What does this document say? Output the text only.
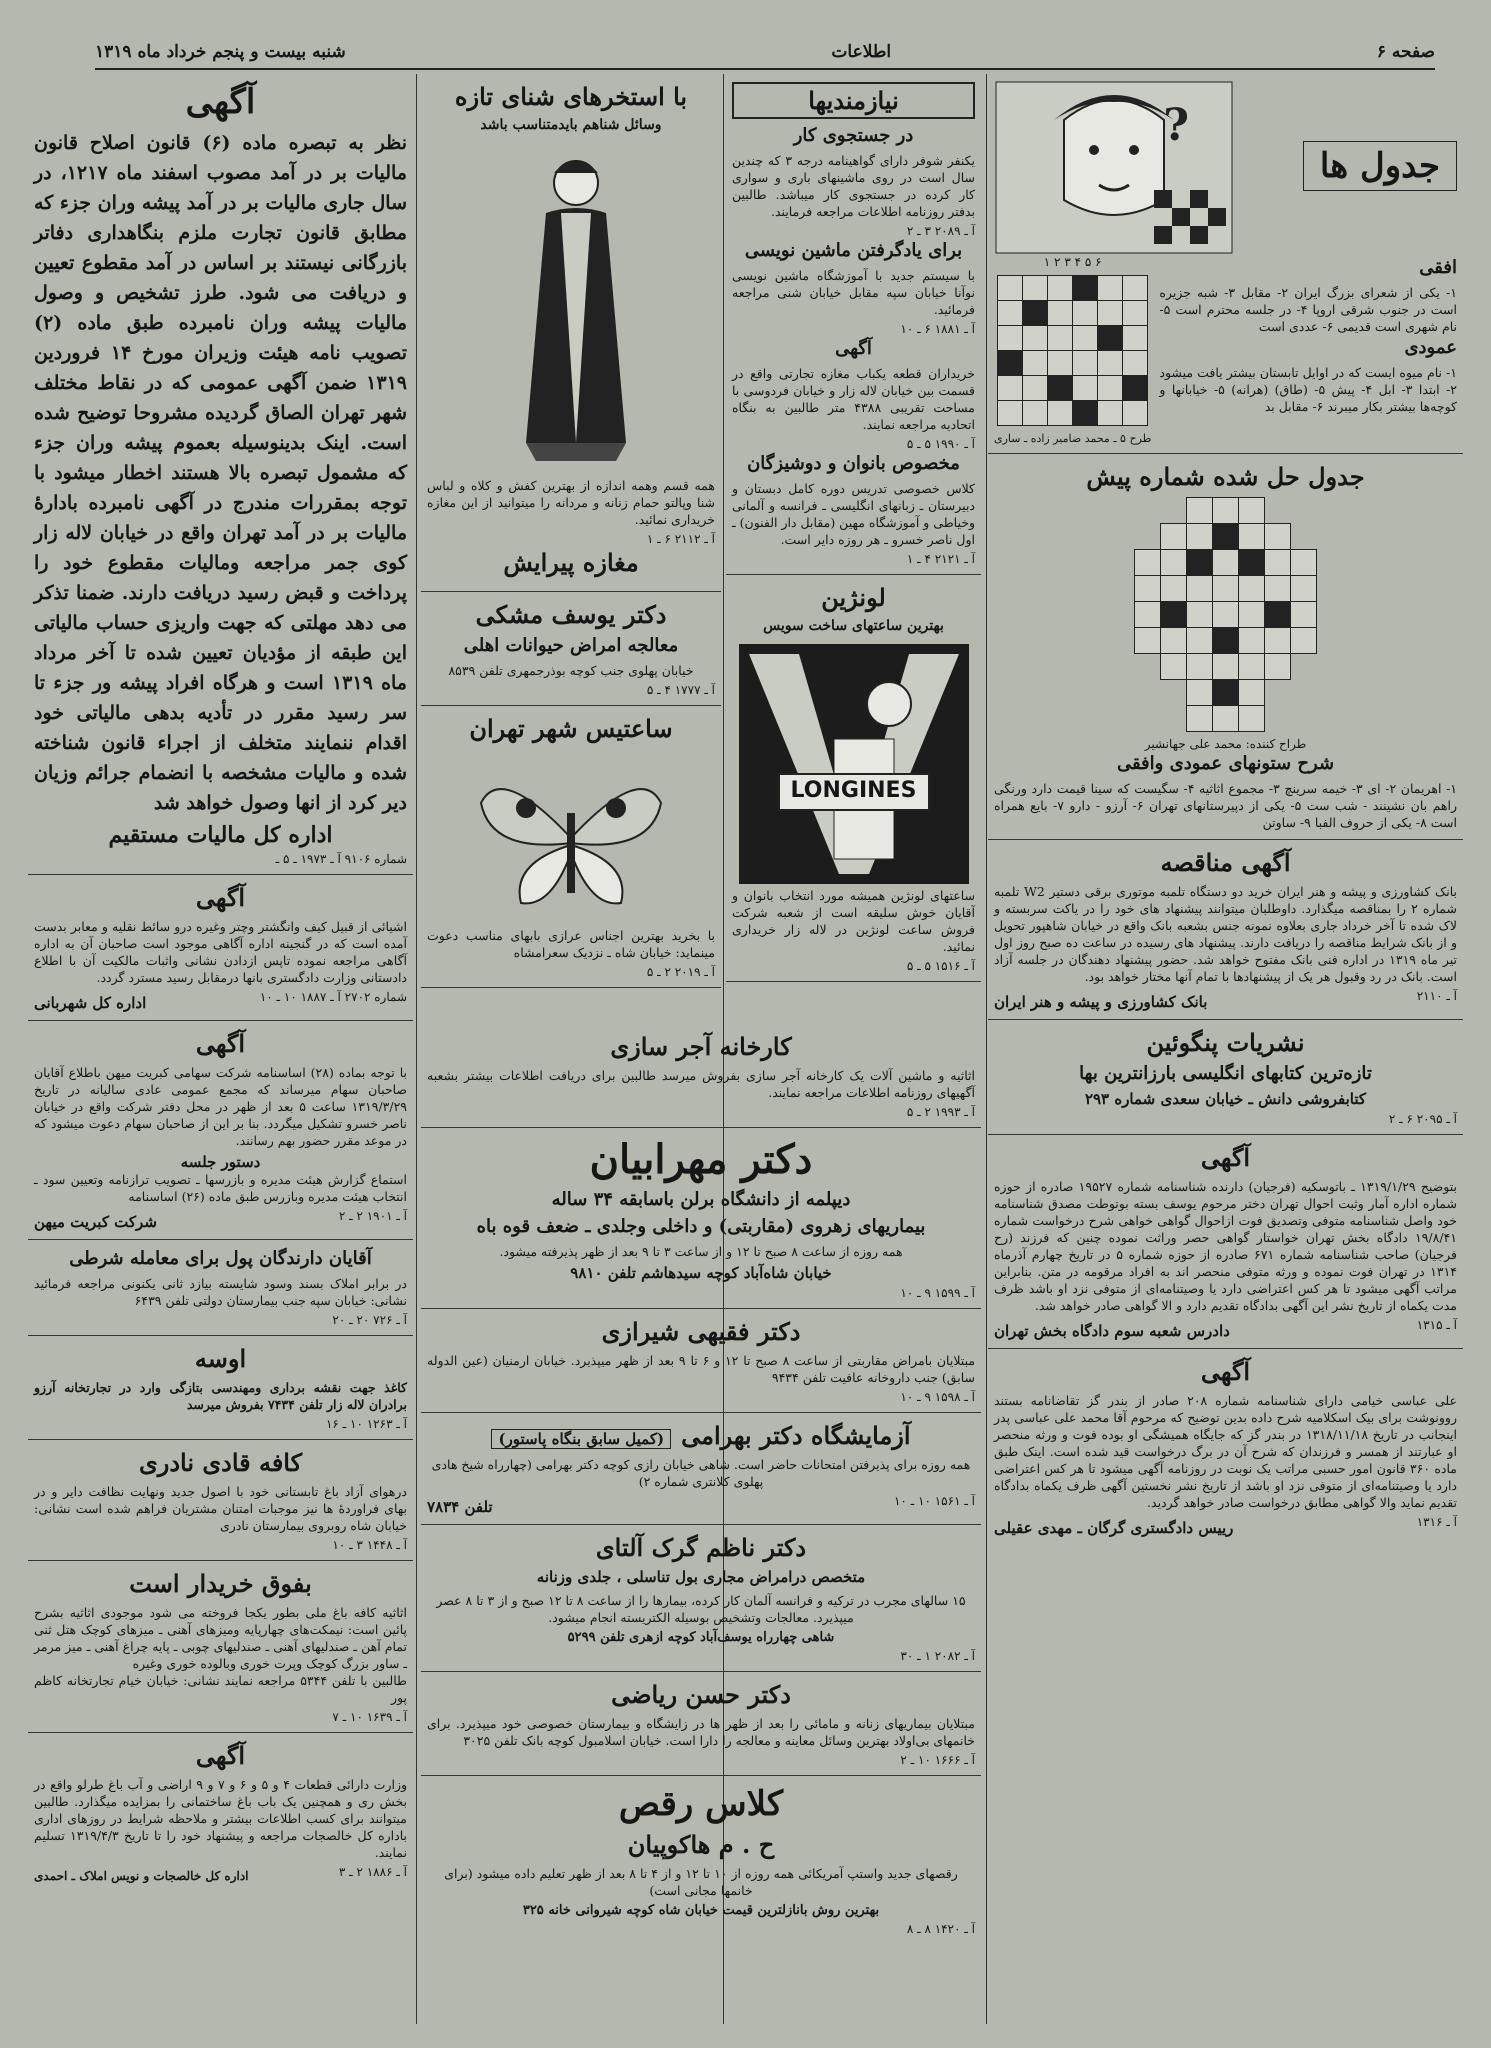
صفحه ۶
اطلاعات
شنبه بیست و پنجم خرداد ماه ۱۳۱۹
جدول ها
?
افقی
۱- یکی از شعرای بزرگ ایران ۲- مقابل ۳- شبه جزیره است در جنوب شرقی اروپا ۴- در جلسه محترم است ۵- نام شهری است قدیمی ۶- عددی است
عمودی
۱- نام میوه ایست که در اوایل تابستان بیشتر یافت میشود ۲- ابتدا ۳- ابل ۴- پیش ۵- (طاق) (هرانه) ۵- خیابانها و کوچه‌ها بیشتر بکار میبرند ۶- مقابل بد
۶ ۵ ۴ ۳ ۲ ۱

طرح ۵ ـ محمد ضامیر زاده ـ ساری
جدول حل شده شماره پیش
طراح کننده: محمد علی جهانشیر
شرح ستونهای عمودی وافقی
۱- اهریمان ۲- ای ۳- خیمه سرینچ ۳- مجموع اثاثیه ۴- سگیست که سینا قیمت دارد ورنگی راهم بان نشینند - شب ست ۵- یکی از دپیرستانهای تهران ۶- آرزو - دارو ۷- بایع همراه است ۸- یکی از حروف الفبا ۹- ساوتن
آگهی مناقصه
بانک کشاورزی و پیشه و هنر ایران خرید دو دستگاه تلمبه موتوری برقی دستیر W2 تلمبه شماره ۲ را بمناقصه میگذارد. داوطلبان میتوانند پیشنهاد های خود را در یاکت سربسته و لاک شده تا آخر خرداد جاری بعلاوه نمونه جنس بشعبه بانک واقع در خیابان شاهپور تحویل و از بانک شرایط مناقصه را دریافت دارند. پیشنهاد های رسیده در ساعت ده صبح روز اول تیر ماه ۱۳۱۹ در اداره فنی بانک مفتوح خواهد شد. حضور پیشنهاد دهندگان در جلسه آزاد است. بانک در رد وقبول هر یک از پیشنهادها با تمام آنها مختار خواهد بود.
آ ـ ۲۱۱۰
بانک کشاورزی و پیشه و هنر ایران
نشریات پنگوئین
تازه‌ترین کتابهای انگلیسی بارزانترین بها
کتابفروشی دانش ـ خیابان سعدی شماره ۲۹۳
آ ـ ۲۰۹۵ ۶ ـ ۲
آگهی
بتوضیح ۱۳۱۹/۱/۲۹ ـ باتوسکیه (فرجیان) دارنده شناسنامه شماره ۱۹۵۲۷ صادره از حوزه شماره اداره آمار وثبت احوال تهران دختر مرحوم یوسف بسته بوتوطت مصدق شناسنامه خود واصل شناسنامه متوفی وتصدیق فوت ازاحوال گواهی خواهی شرح درخواست شماره ۱۹/۸/۴۱ دادگاه بخش تهران خواستار گواهی حصر وراثت نموده چنین که فرزند (رح فرجیان) صاحب شناسنامه شماره ۶۷۱ صادره از حوزه شماره ۵ در تاریخ چهارم آذرماه ۱۳۱۴ در تهران فوت نموده و ورثه متوفی منحصر اند به افراد مرقومه در متن. بنابراین مراتب آگهی میشود تا هر کس اعتراضی دارد یا وصیتنامه‌ای از متوفی نزد او باشد ظرف مدت یکماه از تاریخ نشر این آگهی بدادگاه تقدیم دارد و الا گواهی صادر خواهد شد.
آ ـ ۱۳۱۵
دادرس شعبه سوم دادگاه بخش تهران
آگهی
علی عباسی خیامی دارای شناسنامه شماره ۲۰۸ صادر از بندر گز تقاضانامه بستند روونوشت برای بیک اسکلامیه شرح داده بدین توضیح که مرحوم آقا محمد علی عباسی پدر اینجانب در تاریخ ۱۳۱۸/۱۱/۱۸ در بندر گز که جایگاه همیشگی او بوده فوت و ورثه منحصر او عبارتند از همسر و فرزندان که شرح آن در برگ درخواست قید شده است. اینک طبق ماده ۳۶۰ قانون امور حسبی مراتب یک نوبت در روزنامه آگهی میشود تا هر کس اعتراضی دارد یا وصیتنامه‌ای از متوفی نزد او باشد از تاریخ نشر نخستین آگهی ظرف یکماه بدادگاه تقدیم نماید والا گواهی مطابق درخواست صادر خواهد گردید.
آ ـ ۱۳۱۶
رییس دادگستری گرگان ـ مهدی عقیلی
نیازمندیها
در جستجوی کار
یکنفر شوفر دارای گواهینامه درجه ۳ که چندین سال است در روی ماشینهای باری و سواری کار کرده در جستجوی کار میباشد. طالبین بدفتر روزنامه اطلاعات مراجعه فرمایند.
آ ـ ۲۰۸۹ ۳ ـ ۲
برای یادگرفتن ماشین نویسی
با سیستم جدید با آموزشگاه ماشین نویسی نوآنا خیابان سپه مقابل خیابان شنی مراجعه فرمائید.
آ ـ ۱۸۸۱ ۶ ـ ۱۰
آگهی
خریداران قطعه یکباب مغازه تجارتی واقع در قسمت بین خیابان لاله زار و خیابان فردوسی با مساحت تقریبی ۴۳۸۸ متر طالبین به بنگاه اتحادیه مراجعه نمایند.
آ ـ ۱۹۹۰ ۵ ـ ۵
مخصوص بانوان و دوشیزگان
کلاس خصوصی تدریس دوره کامل دبستان و دبیرستان ـ زبانهای انگلیسی ـ فرانسه و آلمانی وخیاطی و آموزشگاه مهین (مقابل دار الفنون) ـ اول ناصر خسرو ـ هر روزه دایر است.
آ ـ ۲۱۲۱ ۴ ـ ۱
لونژین
بهترین ساعتهای ساخت سویس
LONGINES
ساعتهای لونژین همیشه مورد انتخاب بانوان و آقایان خوش سلیقه است از شعبه شرکت فروش ساعت لونژین در لاله زار خریداری نمائید.
آ ـ ۱۵۱۶ ۵ ـ ۵
با استخرهای شنای تازه
وسائل شناهم بایدمتناسب باشد
همه قسم وهمه اندازه از بهترین کفش و کلاه و لباس شنا وپالتو حمام زنانه و مردانه را میتوانید از این مغازه خریداری نمائید.
آ ـ ۲۱۱۲ ۶ ـ ۱
مغازه پیرایش
دکتر یوسف مشکی
معالجه امراض حیوانات اهلی
خیابان پهلوی جنب کوچه بوذرجمهری تلفن ۸۵۳۹
آ ـ ۱۷۷۷ ۴ ـ ۵
ساعتیس شهر تهران
با بخرید بهترین اجناس عرازی بابهای مناسب دعوت مینماید: خیابان شاه ـ نزدیک سعرامشاه
آ ـ ۲۰۱۹ ۲ ـ ۵
کارخانه آجر سازی
اثاثیه و ماشین آلات یک کارخانه آجر سازی بفروش میرسد طالبین برای دریافت اطلاعات بیشتر بشعبه آگهیهای روزنامه اطلاعات مراجعه نمایند.
آ ـ ۱۹۹۳ ۲ ـ ۵
دکتر مهرابیان
دیپلمه از دانشگاه برلن باسابقه ۳۴ ساله
بیماریهای زهروی (مقاربتی) و داخلی وجلدی ـ ضعف قوه باه
همه روزه از ساعت ۸ صبح تا ۱۲ و از ساعت ۳ تا ۹ بعد از ظهر پذیرفته میشود.
خیابان شاه‌آباد کوچه سیدهاشم تلفن ۹۸۱۰
آ ـ ۱۵۹۹ ۹ ـ ۱۰
دکتر فقیهی شیرازی
مبتلایان بامراض مقاربتی از ساعت ۸ صبح تا ۱۲ و ۶ تا ۹ بعد از ظهر میپذیرد. خیابان ارمنیان (عین الدوله سابق) جنب داروخانه عافیت تلفن ۹۴۳۴
آ ـ ۱۵۹۸ ۹ ـ ۱۰
آزمایشگاه دکتر بهرامی
(کمیل سابق بنگاه پاستور)
همه روزه برای پذیرفتن امتحانات حاضر است. شاهی خیابان رازی کوچه دکتر بهرامی (چهارراه شیخ هادی پهلوی کلانتری شماره ۲)
آ ـ ۱۵۶۱ ۱۰ ـ ۱۰
تلفن ۷۸۳۴
دکتر ناظم گرک آلتای
متخصص درامراض مجاری بول تناسلی ، جلدی وزنانه
۱۵ سالهای مجرب در ترکیه و فرانسه آلمان کار کرده، بیمارها را از ساعت ۸ تا ۱۲ صبح و از ۳ تا ۸ عصر میپذیرد. معالجات وتشخیص بوسیله الکتریسته انجام میشود.
شاهی چهارراه یوسف‌آباد کوچه ازهری تلفن ۵۲۹۹
آ ـ ۲۰۸۲ ۱ ـ ۳۰
دکتر حسن ریاضی
مبتلایان بیماریهای زنانه و مامائی را بعد از ظهر ها در زایشگاه و بیمارستان خصوصی خود میپذیرد. برای خانمهای بی‌اولاد بهترین وسائل معاینه و معالجه را دارا است. خیابان اسلامبول کوچه بانک تلفن ۳۰۲۵
آ ـ ۱۶۶۶ ۱۰ ـ ۲
کلاس رقص
ح . م هاکوپیان
رقصهای جدید واستپ آمریکائی همه روزه از ۱۰ تا ۱۲ و از ۴ تا ۸ بعد از ظهر تعلیم داده میشود (برای خانمها مجانی است)
بهترین روش بانازلترین قیمت خیابان شاه کوچه شیروانی خانه ۳۲۵
آ ـ ۱۴۲۰ ۸ ـ ۸
آگهی
نظر به تبصره ماده (۶) قانون اصلاح قانون مالیات بر در آمد مصوب اسفند ماه ۱۲۱۷، در سال جاری مالیات بر در آمد پیشه وران جزء که مطابق قانون تجارت ملزم بنگاهداری دفاتر بازرگانی نیستند بر اساس در آمد مقطوع تعیین و دریافت می شود. طرز تشخیص و وصول مالیات پیشه وران نامبرده طبق ماده (۲) تصویب نامه هیئت وزیران مورخ ۱۴ فروردین ۱۳۱۹ ضمن آگهی عمومی که در نقاط مختلف شهر تهران الصاق گردیده مشروحا توضیح شده است. اینک بدینوسیله بعموم پیشه وران جزء که مشمول تبصره بالا هستند اخطار میشود با توجه بمقررات مندرج در آگهی نامبرده بادارهٔ مالیات بر در آمد تهران واقع در خیابان لاله زار کوی جمر مراجعه ومالیات مقطوع خود را پرداخت و قبض رسید دریافت دارند. ضمنا تذکر می دهد مهلتی که جهت واریزی حساب مالیاتی این طبقه از مؤدیان تعیین شده تا آخر مرداد ماه ۱۳۱۹ است و هرگاه افراد پیشه ور جزء تا سر رسید مقرر در تأدیه بدهی مالیاتی خود اقدام ننمایند متخلف از اجراء قانون شناخته شده و مالیات مشخصه با انضمام جرائم وزیان دیر کرد از انها وصول خواهد شد
اداره کل مالیات مستقیم
شماره ۹۱۰۶ آ ـ ۱۹۷۳ ـ ۵ ـ
آگهی
اشیائی از قبیل کیف وانگشتر وچتر وغیره درو سائط نقلیه و معابر بدست آمده است که در گنجینه اداره آگاهی موجود است صاحبان آن به اداره آگاهی مراجعه نموده تاپس ازدادن نشانی واثبات مالکیت آن با اطلاع دادستانی وزارت دادگستری بانها درمقابل رسید مسترد گردد.
شماره ۲۷۰۲ آ ـ ۱۸۸۷ ۱۰ ـ ۱۰
اداره کل شهربانی
آگهی
با توجه بماده (۲۸) اساسنامه شرکت سهامی کبریت میهن باطلاع آقایان صاحبان سهام میرساند که مجمع عمومی عادی سالیانه در تاریخ ۱۳۱۹/۳/۲۹ ساعت ۵ بعد از ظهر در محل دفتر شرکت واقع در خیابان ناصر خسرو تشکیل میگردد. بنا بر این از صاحبان سهام دعوت میشود که در موعد مقرر حضور بهم رسانند.
دستور جلسه
استماع گزارش هیئت مدیره و بازرسها ـ تصویب ترازنامه وتعیین سود ـ انتخاب هیئت مدیره وبازرس طبق ماده (۲۶) اساسنامه
آ ـ ۱۹۰۱ ۲ ـ ۲
شرکت کبریت میهن
آقایان دارندگان پول برای معامله شرطی
در برابر املاک بسند وسود شایسته بیازد ثانی یکنونی مراجعه فرمائید نشانی: خیابان سپه جنب بیمارستان دولتی تلفن ۶۴۳۹
آ ـ ۷۲۶ ۲۰ ـ ۲۰
اوسه
کاغذ جهت نقشه برداری ومهندسی بتازگی وارد در تجارتخانه آرزو برادران لاله زار تلفن ۷۴۳۴ بفروش میرسد
آ ـ ۱۲۶۳ ۱۰ ـ ۱۶
کافه قادی نادری
درهوای آزاد باغ تابستانی خود با اصول جدید ونهایت نظافت دایر و در بهای فراوردهٔ ها نیز موجبات امتنان مشتریان فراهم شده است نشانی: خیابان شاه روبروی بیمارستان نادری
آ ـ ۱۴۴۸ ۳ ـ ۱۰
بفوق خریدار است
اثاثیه کافه باغ ملی‌ بطور یکجا فروخته می شود موجودی اثاثیه بشرح پائین است: نیمکت‌های چهارپایه ومیزهای آهنی ـ میزهای کوچک هتل ثنی تمام آهن ـ صندلیهای آهنی ـ صندلیهای چوبی ـ پایه چراغ آهنی ـ میز مرمر ـ ساور بزرگ کوچک وپرت خوری وبالوده خوری وغیره
طالبین با تلفن ۵۳۴۴ مراجعه نمایند نشانی: خیابان خیام تجارتخانه کاظم پور
آ ـ ۱۶۳۹ ۱۰ ـ ۷
آگهی
وزارت دارائی قطعات ۴ و ۵ و ۶ و ۷ و ۹ اراضی و آب باغ طرلو واقع در بخش ری و همچنین یک باب باغ ساختمانی را بمزایده میگذارد. طالبین میتوانند برای کسب اطلاعات بیشتر و ملاحظه شرایط در روزهای اداری باداره کل خالصجات مراجعه و پیشنهاد خود را تا تاریخ ۱۳۱۹/۴/۳ تسلیم نمایند.
آ ـ ۱۸۸۶ ۲ ـ ۳
اداره کل خالصجات و نویس املاک ـ احمدی
